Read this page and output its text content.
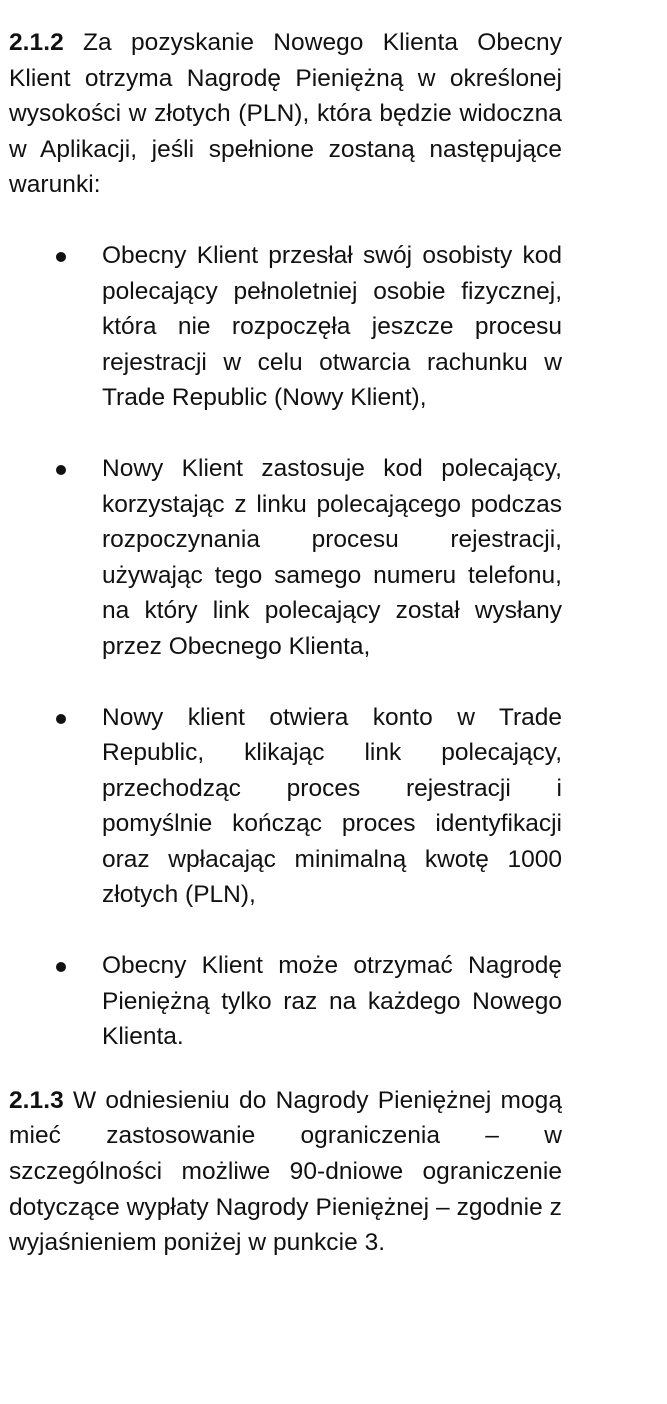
2.1.2 Za pozyskanie Nowego Klienta Obecny Klient otrzyma Nagrodę Pieniężną w określonej wysokości w złotych (PLN), która będzie widoczna w Aplikacji, jeśli spełnione zostaną następujące warunki:

Obecny Klient przesłał swój osobisty kod polecający pełnoletniej osobie fizycznej, która nie rozpoczęła jeszcze procesu rejestracji w celu otwarcia rachunku w Trade Republic (Nowy Klient),
Nowy Klient zastosuje kod polecający, korzystając z linku polecającego podczas rozpoczynania procesu rejestracji, używając tego samego numeru telefonu, na który link polecający został wysłany przez Obecnego Klienta,
Nowy klient otwiera konto w Trade Republic, klikając link polecający, przechodząc proces rejestracji i pomyślnie kończąc proces identyfikacji oraz wpłacając minimalną kwotę 1000 złotych (PLN),
Obecny Klient może otrzymać Nagrodę Pieniężną tylko raz na każdego Nowego Klienta.

2.1.3 W odniesieniu do Nagrody Pieniężnej mogą mieć zastosowanie ograniczenia – w szczególności możliwe 90-dniowe ograniczenie dotyczące wypłaty Nagrody Pieniężnej – zgodnie z wyjaśnieniem poniżej w punkcie 3.
